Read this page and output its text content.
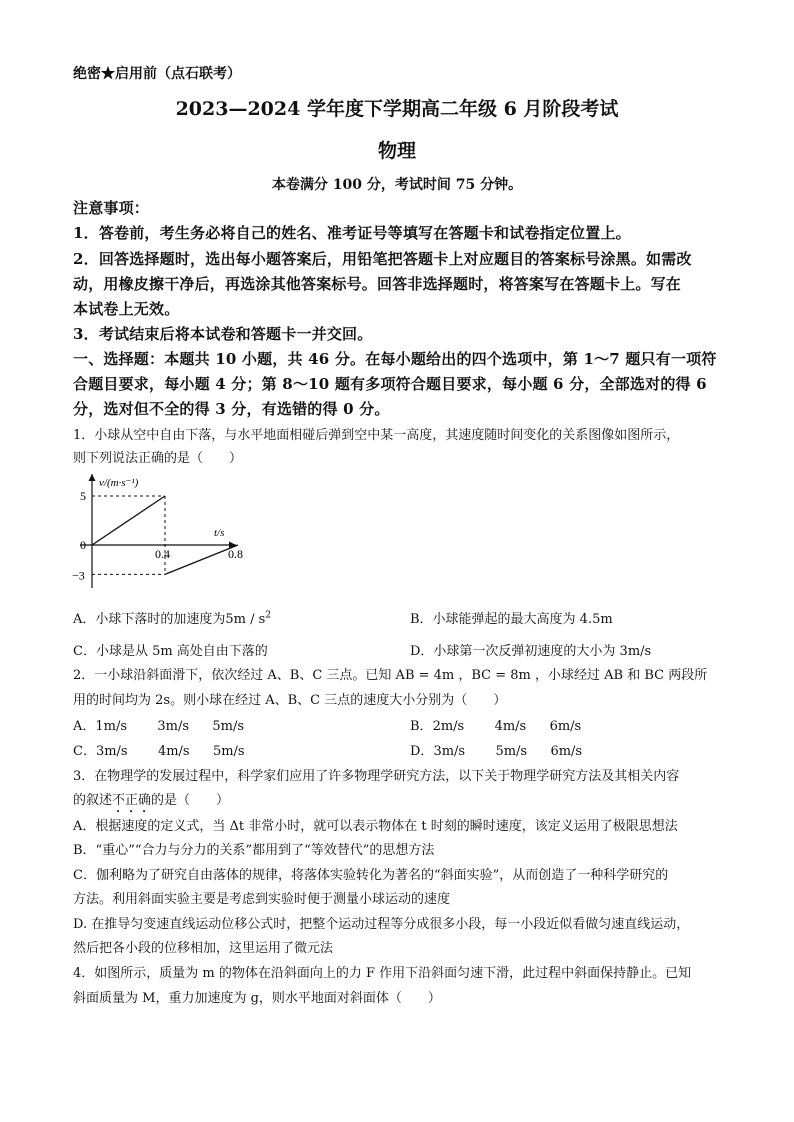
绝密★启用前（点石联考）
2023—2024 学年度下学期高二年级 6 月阶段考试
物理
本卷满分 100 分，考试时间 75 分钟。
注意事项：
1．答卷前，考生务必将自己的姓名、准考证号等填写在答题卡和试卷指定位置上。
2．回答选择题时，选出每小题答案后，用铅笔把答题卡上对应题目的答案标号涂黑。如需改
动，用橡皮擦干净后，再选涂其他答案标号。回答非选择题时，将答案写在答题卡上。写在
本试卷上无效。
3．考试结束后将本试卷和答题卡一并交回。
一、选择题：本题共 10 小题，共 46 分。在每小题给出的四个选项中，第 1～7 题只有一项符
合题目要求，每小题 4 分；第 8～10 题有多项符合题目要求，每小题 6 分，全部选对的得 6
分，选对但不全的得 3 分，有选错的得 0 分。
1．小球从空中自由下落，与水平地面相碰后弹到空中某一高度，其速度随时间变化的关系图像如图所示，
则下列说法正确的是（　　）
v/(m·s⁻¹)
t/s
5
0
−3
0.4	0.8
A．小球下落时的加速度为$5m / s^2$	B．小球能弹起的最大高度为 4.5m
C．小球是从 5m 高处自由下落的	D．小球第一次反弹初速度的大小为 3m/s
2．一小球沿斜面滑下，依次经过 A、B、C 三点。已知 AB = 4m ，BC = 8m ，小球经过 AB 和 BC 两段所
用的时间均为 2s。则小球在经过 A、B、C 三点的速度大小分别为（　　）
A．1m/s 3m/s 5m/s	B．2m/s 4m/s 6m/s
C．3m/s 4m/s 5m/s	D．3m/s 5m/s 6m/s
3．在物理学的发展过程中，科学家们应用了许多物理学研究方法，以下关于物理学研究方法及其相关内容
的叙述不正确的是（　　）
A．根据速度的定义式，当 Δt 非常小时，就可以表示物体在 t 时刻的瞬时速度，该定义运用了极限思想法
B．“重心”“合力与分力的关系”都用到了“等效替代”的思想方法
C．伽利略为了研究自由落体的规律，将落体实验转化为著名的“斜面实验”，从而创造了一种科学研究的
方法。利用斜面实验主要是考虑到实验时便于测量小球运动的速度
D. 在推导匀变速直线运动位移公式时，把整个运动过程等分成很多小段，每一小段近似看做匀速直线运动，
然后把各小段的位移相加，这里运用了微元法
4．如图所示，质量为 m 的物体在沿斜面向上的力 F 作用下沿斜面匀速下滑，此过程中斜面保持静止。已知
斜面质量为 M，重力加速度为 g，则水平地面对斜面体（　　）
